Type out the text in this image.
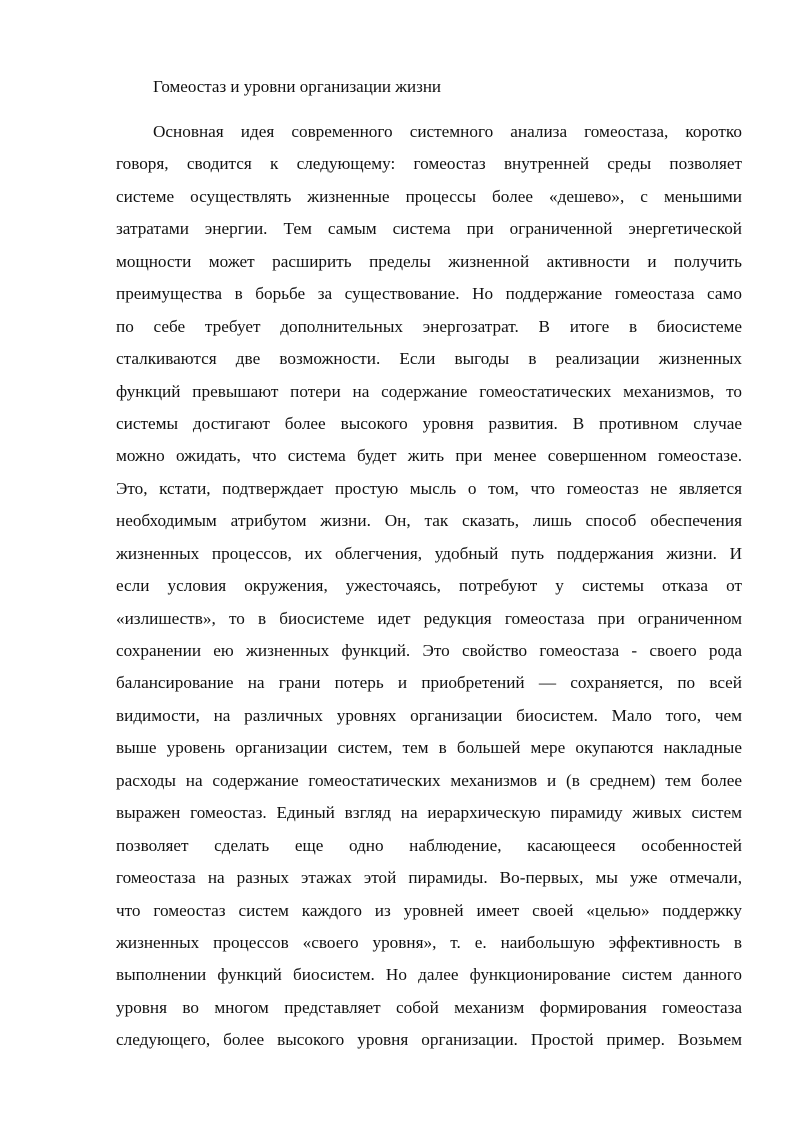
Гомеостаз и уровни организации жизни
Основная идея современного системного анализа гомеостаза, коротко
говоря, сводится к следующему: гомеостаз внутренней среды позволяет
системе осуществлять жизненные процессы более «дешево», с меньшими
затратами энергии. Тем самым система при ограниченной энергетической
мощности может расширить пределы жизненной активности и получить
преимущества в борьбе за существование. Но поддержание гомеостаза само
по себе требует дополнительных энергозатрат. В итоге в биосистеме
сталкиваются две возможности. Если выгоды в реализации жизненных
функций превышают потери на содержание гомеостатических механизмов, то
системы достигают более высокого уровня развития. В противном случае
можно ожидать, что система будет жить при менее совершенном гомеостазе.
Это, кстати, подтверждает простую мысль о том, что гомеостаз не является
необходимым атрибутом жизни. Он, так сказать, лишь способ обеспечения
жизненных процессов, их облегчения, удобный путь поддержания жизни. И
если условия окружения, ужесточаясь, потребуют у системы отказа от
«излишеств», то в биосистеме идет редукция гомеостаза при ограниченном
сохранении ею жизненных функций. Это свойство гомеостаза - своего рода
балансирование на грани потерь и приобретений — сохраняется, по всей
видимости, на различных уровнях организации биосистем. Мало того, чем
выше уровень организации систем, тем в большей мере окупаются накладные
расходы на содержание гомеостатических механизмов и (в среднем) тем более
выражен гомеостаз. Единый взгляд на иерархическую пирамиду живых систем
позволяет сделать еще одно наблюдение, касающееся особенностей
гомеостаза на разных этажах этой пирамиды. Во-первых, мы уже отмечали,
что гомеостаз систем каждого из уровней имеет своей «целью» поддержку
жизненных процессов «своего уровня», т. е. наибольшую эффективность в
выполнении функций биосистем. Но далее функционирование систем данного
уровня во многом представляет собой механизм формирования гомеостаза
следующего, более высокого уровня организации. Простой пример. Возьмем
